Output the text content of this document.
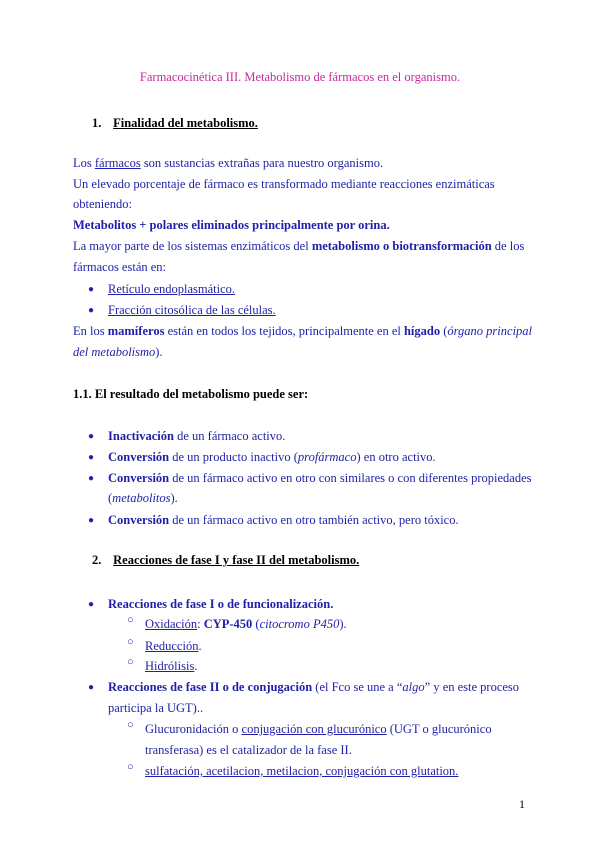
Farmacocinética III. Metabolismo de fármacos en el organismo.
1. Finalidad del metabolismo.
Los fármacos son sustancias extrañas para nuestro organismo.
Un elevado porcentaje de fármaco es transformado mediante reacciones enzimáticas
obteniendo:
Metabolitos + polares eliminados principalmente por orina.
La mayor parte de los sistemas enzimáticos del metabolismo o biotransformación de los
fármacos están en:
● Retículo endoplasmático.
● Fracción citosólica de las células.
En los mamíferos están en todos los tejidos, principalmente en el hígado (órgano principal
del metabolismo).
1.1. El resultado del metabolismo puede ser:
● Inactivación de un fármaco activo.
● Conversión de un producto inactivo (profármaco) en otro activo.
● Conversión de un fármaco activo en otro con similares o con diferentes propiedades
(metabolitos).
● Conversión de un fármaco activo en otro también activo, pero tóxico.
2. Reacciones de fase I y fase II del metabolismo.
● Reacciones de fase I o de funcionalización.
○ Oxidación: CYP-450 (citocromo P450).
○ Reducción.
○ Hidrólisis.
● Reacciones de fase II o de conjugación (el Fco se une a “algo” y en este proceso
participa la UGT)..
○ Glucuronidación o conjugación con glucurónico (UGT o glucurónico
transferasa) es el catalizador de la fase II.
○ sulfatación, acetilacion, metilacion, conjugación con glutation.
1
